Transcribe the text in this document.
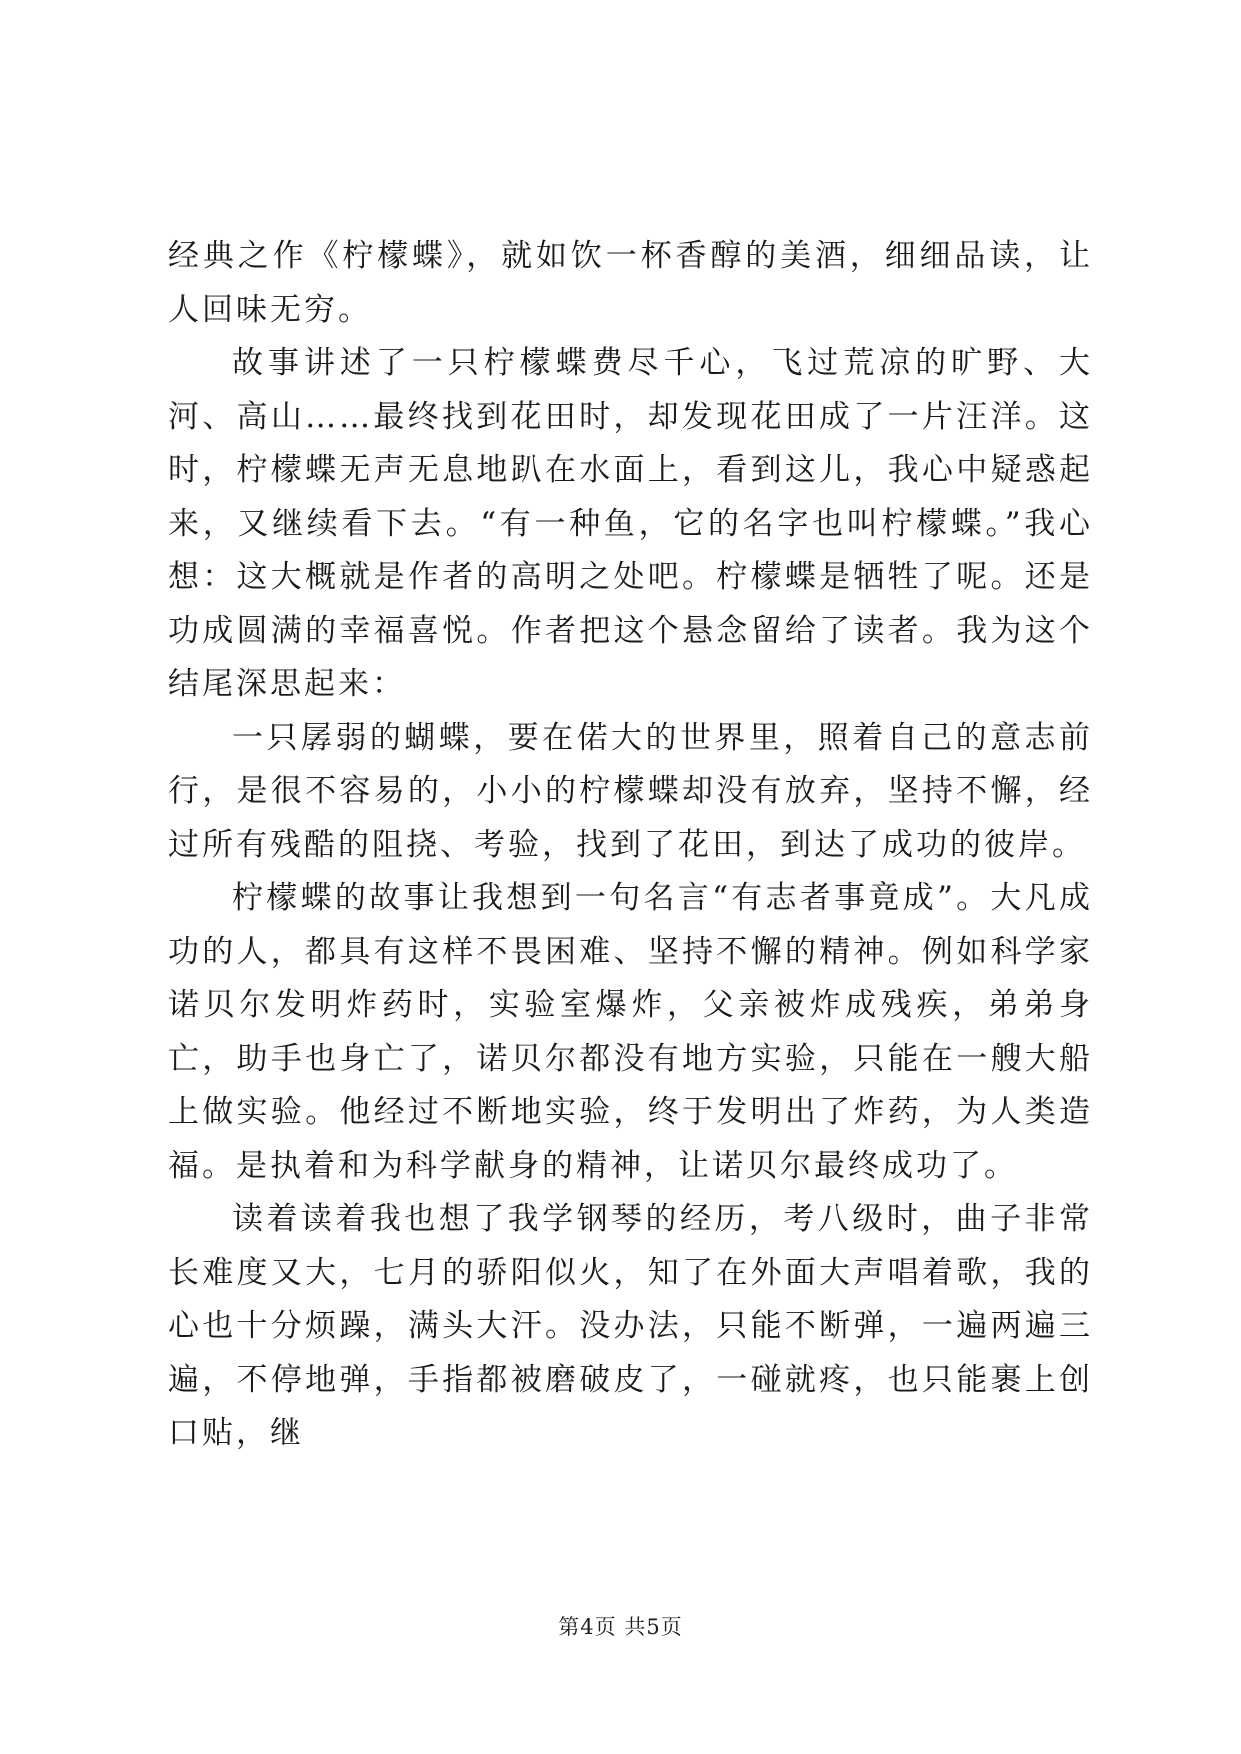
经典之作《柠檬蝶》，就如饮一杯香醇的美酒，细细品读，让人回味无穷。

故事讲述了一只柠檬蝶费尽千心，飞过荒凉的旷野、大河、高山……最终找到花田时，却发现花田成了一片汪洋。这时，柠檬蝶无声无息地趴在水面上，看到这儿，我心中疑惑起来，又继续看下去。“有一种鱼，它的名字也叫柠檬蝶。”我心想：这大概就是作者的高明之处吧。柠檬蝶是牺牲了呢。还是功成圆满的幸福喜悦。作者把这个悬念留给了读者。我为这个结尾深思起来：

一只孱弱的蝴蝶，要在偌大的世界里，照着自己的意志前行，是很不容易的，小小的柠檬蝶却没有放弃，坚持不懈，经过所有残酷的阻挠、考验，找到了花田，到达了成功的彼岸。

柠檬蝶的故事让我想到一句名言“有志者事竟成”。大凡成功的人，都具有这样不畏困难、坚持不懈的精神。例如科学家诺贝尔发明炸药时，实验室爆炸，父亲被炸成残疾，弟弟身亡，助手也身亡了，诺贝尔都没有地方实验，只能在一艘大船上做实验。他经过不断地实验，终于发明出了炸药，为人类造福。是执着和为科学献身的精神，让诺贝尔最终成功了。

读着读着我也想了我学钢琴的经历，考八级时，曲子非常长难度又大，七月的骄阳似火，知了在外面大声唱着歌，我的心也十分烦躁，满头大汗。没办法，只能不断弹，一遍两遍三遍，不停地弹，手指都被磨破皮了，一碰就疼，也只能裹上创口贴，继

第4页 共5页
